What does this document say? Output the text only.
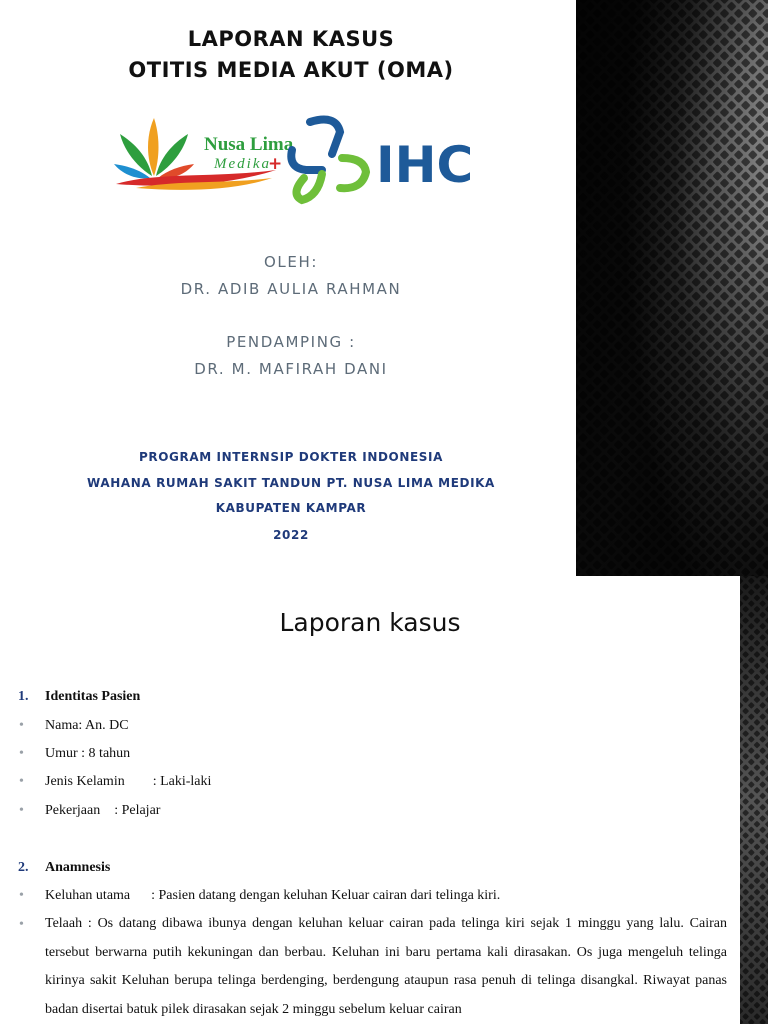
LAPORAN KASUS
OTITIS MEDIA AKUT (OMA)
Nusa Lima
Medika
+ IHC
OLEH:
DR. ADIB AULIA RAHMAN
PENDAMPING :
DR. M. MAFIRAH DANI
PROGRAM INTERNSIP DOKTER INDONESIA
WAHANA RUMAH SAKIT TANDUN PT. NUSA LIMA MEDIKA
KABUPATEN KAMPAR
2022
Laporan kasus
1. Identitas Pasien
• Nama: An. DC
• Umur : 8 tahun
• Jenis Kelamin        : Laki-laki
• Pekerjaan    : Pelajar
2. Anamnesis
• Keluhan utama      : Pasien datang dengan keluhan Keluar cairan dari telinga kiri.
• Telaah : Os datang dibawa ibunya dengan keluhan keluar cairan pada telinga kiri sejak 1 minggu yang lalu. Cairan tersebut berwarna putih kekuningan dan berbau. Keluhan ini baru pertama kali dirasakan. Os juga mengeluh telinga kirinya sakit Keluhan berupa telinga berdenging, berdengung ataupun rasa penuh di telinga disangkal. Riwayat panas badan disertai batuk pilek dirasakan sejak 2 minggu sebelum keluar cairan
